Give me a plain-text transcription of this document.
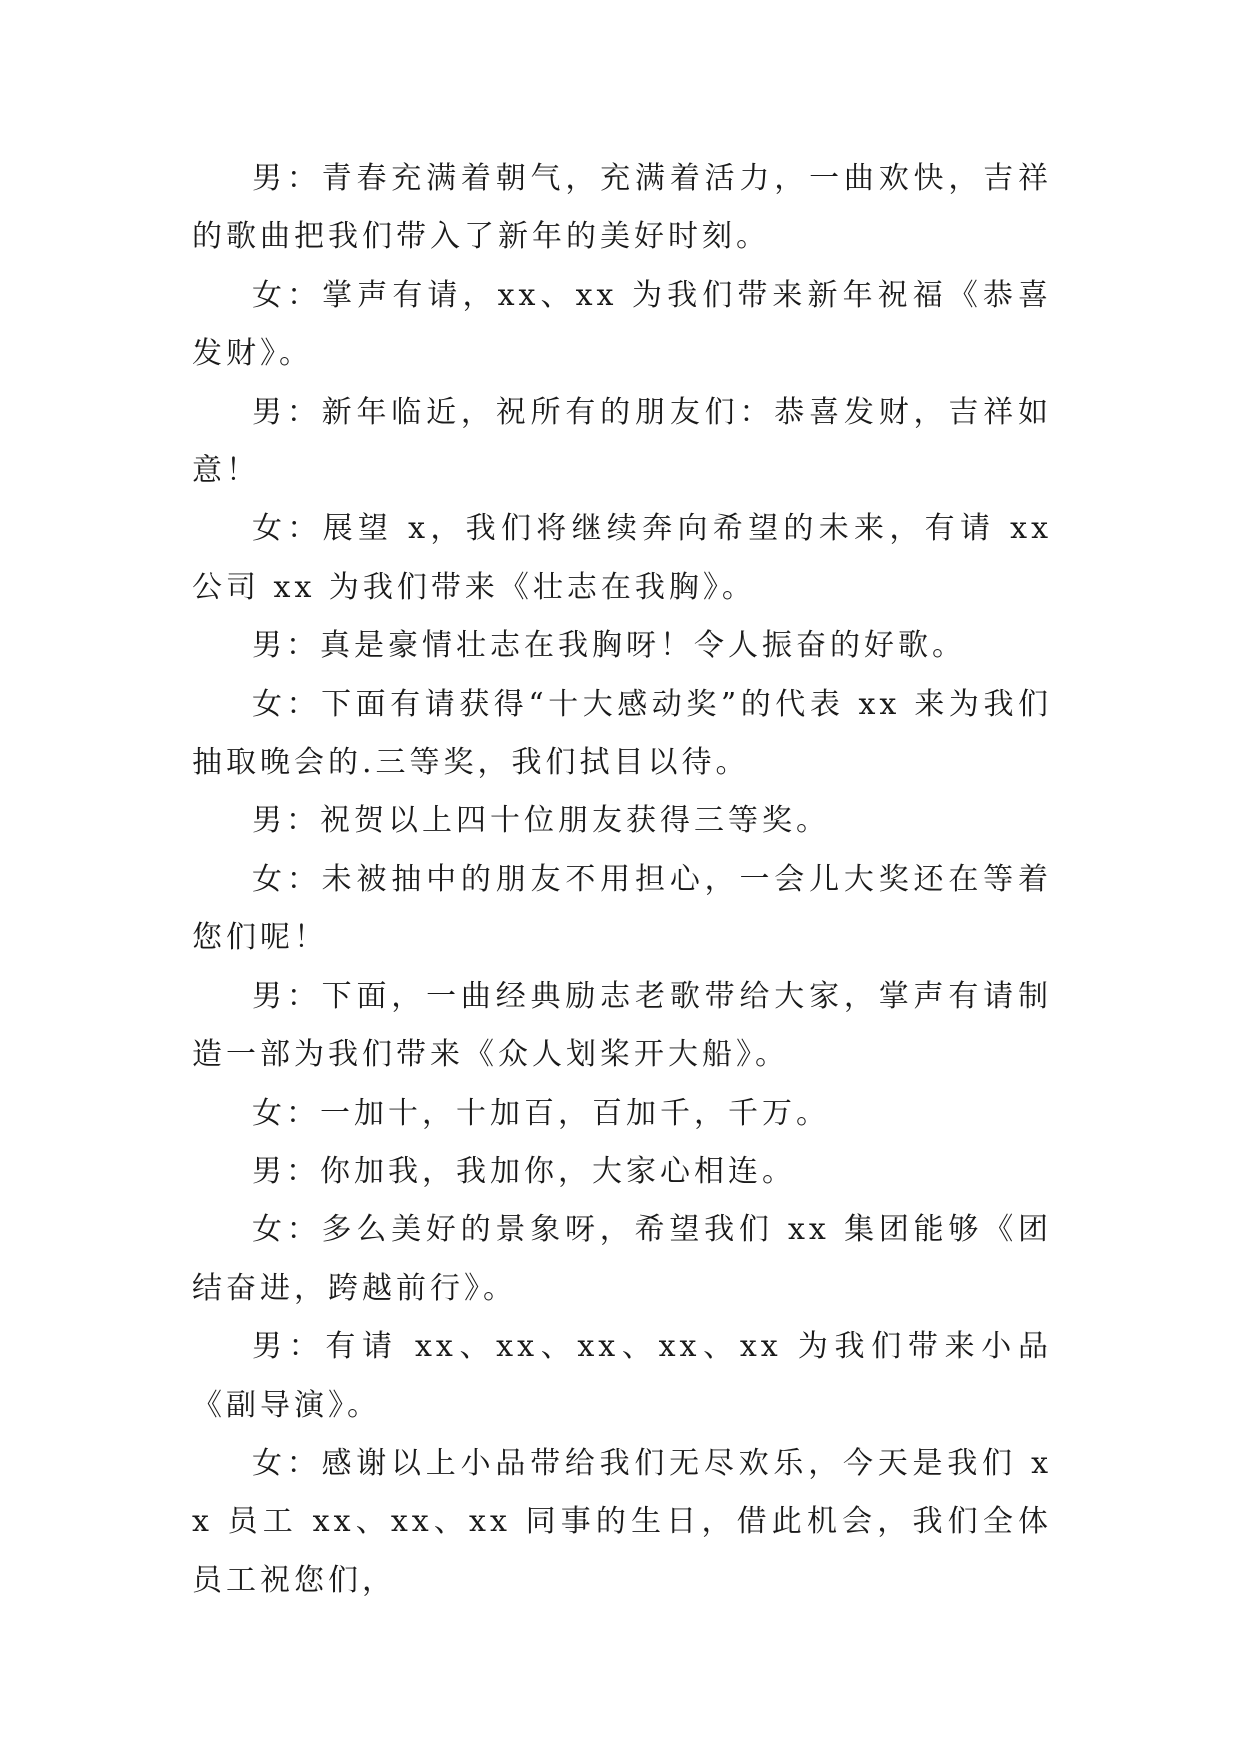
男：青春充满着朝气，充满着活力，一曲欢快，吉祥的歌曲把我们带入了新年的美好时刻。

女：掌声有请，xx、xx 为我们带来新年祝福《恭喜发财》。

男：新年临近，祝所有的朋友们：恭喜发财，吉祥如意！

女：展望 x，我们将继续奔向希望的未来，有请 xx 公司 xx 为我们带来《壮志在我胸》。

男：真是豪情壮志在我胸呀！令人振奋的好歌。

女：下面有请获得“十大感动奖”的代表 xx 来为我们抽取晚会的.三等奖，我们拭目以待。

男：祝贺以上四十位朋友获得三等奖。

女：未被抽中的朋友不用担心，一会儿大奖还在等着您们呢！

男：下面，一曲经典励志老歌带给大家，掌声有请制造一部为我们带来《众人划桨开大船》。

女：一加十，十加百，百加千，千万。

男：你加我，我加你，大家心相连。

女：多么美好的景象呀，希望我们 xx 集团能够《团结奋进，跨越前行》。

男：有请 xx、xx、xx、xx、xx 为我们带来小品《副导演》。

女：感谢以上小品带给我们无尽欢乐，今天是我们 xx 员工 xx、xx、xx 同事的生日，借此机会，我们全体员工祝您们，
